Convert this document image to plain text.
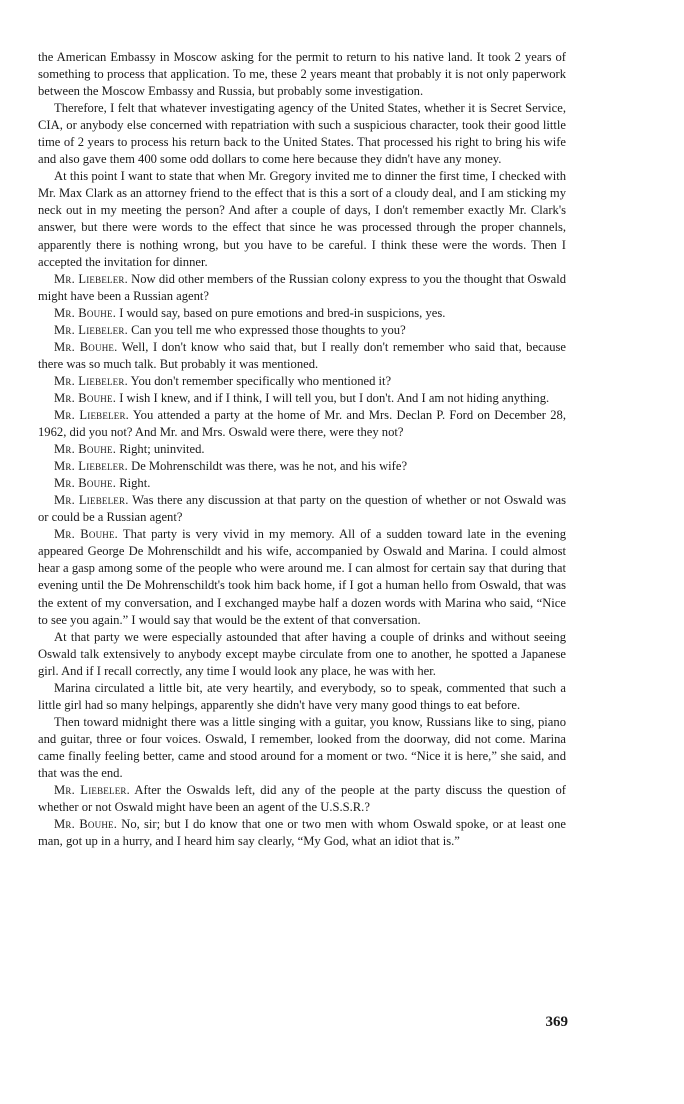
the American Embassy in Moscow asking for the permit to return to his native land. It took 2 years of something to process that application. To me, these 2 years meant that probably it is not only paperwork between the Moscow Embassy and Russia, but probably some investigation.

Therefore, I felt that whatever investigating agency of the United States, whether it is Secret Service, CIA, or anybody else concerned with repatriation with such a suspicious character, took their good little time of 2 years to process his return back to the United States. That processed his right to bring his wife and also gave them 400 some odd dollars to come here because they didn't have any money.

At this point I want to state that when Mr. Gregory invited me to dinner the first time, I checked with Mr. Max Clark as an attorney friend to the effect that is this a sort of a cloudy deal, and I am sticking my neck out in my meeting the person? And after a couple of days, I don't remember exactly Mr. Clark's answer, but there were words to the effect that since he was processed through the proper channels, apparently there is nothing wrong, but you have to be careful. I think these were the words. Then I accepted the invitation for dinner.

Mr. Liebeler. Now did other members of the Russian colony express to you the thought that Oswald might have been a Russian agent?

Mr. Bouhe. I would say, based on pure emotions and bred-in suspicions, yes.

Mr. Liebeler. Can you tell me who expressed those thoughts to you?

Mr. Bouhe. Well, I don't know who said that, but I really don't remember who said that, because there was so much talk. But probably it was mentioned.

Mr. Liebeler. You don't remember specifically who mentioned it?

Mr. Bouhe. I wish I knew, and if I think, I will tell you, but I don't. And I am not hiding anything.

Mr. Liebeler. You attended a party at the home of Mr. and Mrs. Declan P. Ford on December 28, 1962, did you not? And Mr. and Mrs. Oswald were there, were they not?

Mr. Bouhe. Right; uninvited.

Mr. Liebeler. De Mohrenschildt was there, was he not, and his wife?

Mr. Bouhe. Right.

Mr. Liebeler. Was there any discussion at that party on the question of whether or not Oswald was or could be a Russian agent?

Mr. Bouhe. That party is very vivid in my memory. All of a sudden toward late in the evening appeared George De Mohrenschildt and his wife, accompanied by Oswald and Marina. I could almost hear a gasp among some of the people who were around me. I can almost for certain say that during that evening until the De Mohrenschildt's took him back home, if I got a human hello from Oswald, that was the extent of my conversation, and I exchanged maybe half a dozen words with Marina who said, “Nice to see you again.” I would say that would be the extent of that conversation.

At that party we were especially astounded that after having a couple of drinks and without seeing Oswald talk extensively to anybody except maybe circulate from one to another, he spotted a Japanese girl. And if I recall correctly, any time I would look any place, he was with her.

Marina circulated a little bit, ate very heartily, and everybody, so to speak, commented that such a little girl had so many helpings, apparently she didn't have very many good things to eat before.

Then toward midnight there was a little singing with a guitar, you know, Russians like to sing, piano and guitar, three or four voices. Oswald, I remember, looked from the doorway, did not come. Marina came finally feeling better, came and stood around for a moment or two. “Nice it is here,” she said, and that was the end.

Mr. Liebeler. After the Oswalds left, did any of the people at the party discuss the question of whether or not Oswald might have been an agent of the U.S.S.R.?

Mr. Bouhe. No, sir; but I do know that one or two men with whom Oswald spoke, or at least one man, got up in a hurry, and I heard him say clearly, “My God, what an idiot that is.”

369
